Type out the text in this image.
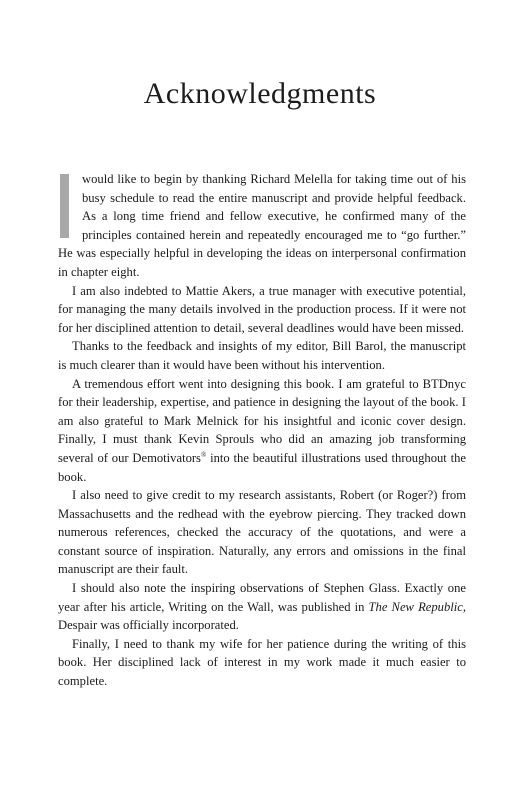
Acknowledgments

would like to begin by thanking Richard Melella for taking time out of his busy schedule to read the entire manuscript and provide helpful feedback. As a long time friend and fellow executive, he confirmed many of the principles contained herein and repeatedly encouraged me to “go further.” He was especially helpful in developing the ideas on interpersonal confirmation in chapter eight.

I am also indebted to Mattie Akers, a true manager with executive potential, for managing the many details involved in the production process. If it were not for her disciplined attention to detail, several deadlines would have been missed.

Thanks to the feedback and insights of my editor, Bill Barol, the manuscript is much clearer than it would have been without his intervention.

A tremendous effort went into designing this book. I am grateful to BTDnyc for their leadership, expertise, and patience in designing the layout of the book. I am also grateful to Mark Melnick for his insightful and iconic cover design. Finally, I must thank Kevin Sprouls who did an amazing job transforming several of our Demotivators® into the beautiful illustrations used throughout the book.

I also need to give credit to my research assistants, Robert (or Roger?) from Massachusetts and the redhead with the eyebrow piercing. They tracked down numerous references, checked the accuracy of the quotations, and were a constant source of inspiration. Naturally, any errors and omissions in the final manuscript are their fault.

I should also note the inspiring observations of Stephen Glass. Exactly one year after his article, Writing on the Wall, was published in The New Republic, Despair was officially incorporated.

Finally, I need to thank my wife for her patience during the writing of this book. Her disciplined lack of interest in my work made it much easier to complete.
